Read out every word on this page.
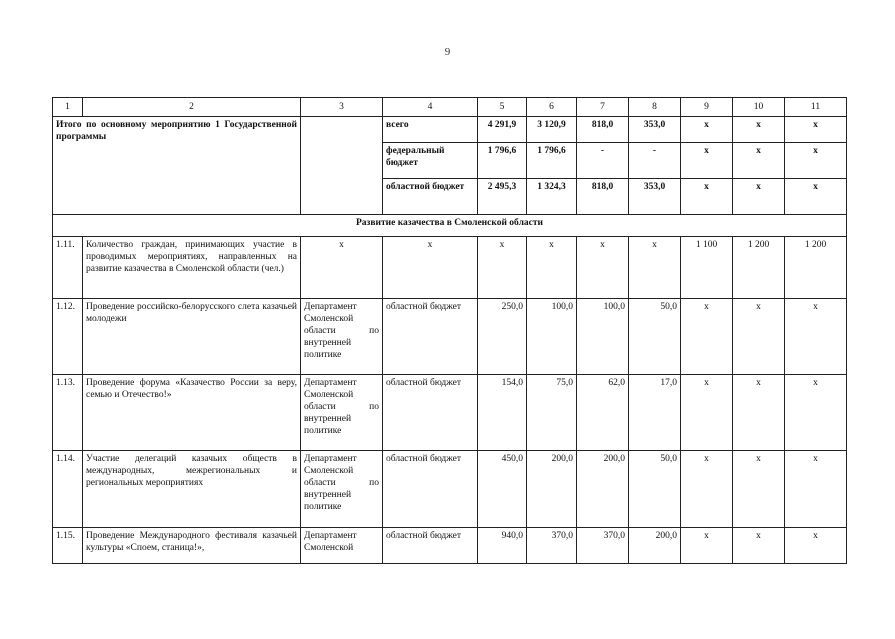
9
1	2	3	4	5	6	7	8	9	10	11
Итого по основному мероприятию 1 Государственной программы			всего	4 291,9	3 120,9	818,0	353,0	x	x	x
			федеральный бюджет	1 796,6	1 796,6	-	-	x	x	x
			областной бюджет	2 495,3	1 324,3	818,0	353,0	x	x	x
Развитие казачества в Смоленской области										
1.11.	Количество граждан, принимающих участие в проводимых мероприятиях, направленных на развитие казачества в Смоленской области (чел.)	x	x	x	x	x	x	1 100	1 200	1 200
1.12.	Проведение российско-белорусского слета казачьей молодежи	Департамент
Смоленской
области по
внутренней
политике	областной бюджет	250,0	100,0	100,0	50,0	x	x	x
1.13.	Проведение форума «Казачество России за веру, семью и Отечество!»	Департамент
Смоленской
области по
внутренней
политике	областной бюджет	154,0	75,0	62,0	17,0	x	x	x
1.14.	Участие делегаций казачьих обществ в международных, межрегиональных и региональных мероприятиях	Департамент
Смоленской
области по
внутренней
политике	областной бюджет	450,0	200,0	200,0	50,0	x	x	x
1.15.	Проведение Международного фестиваля казачьей культуры «Споем, станица!»,	Департамент
Смоленской	областной бюджет	940,0	370,0	370,0	200,0	x	x	x
